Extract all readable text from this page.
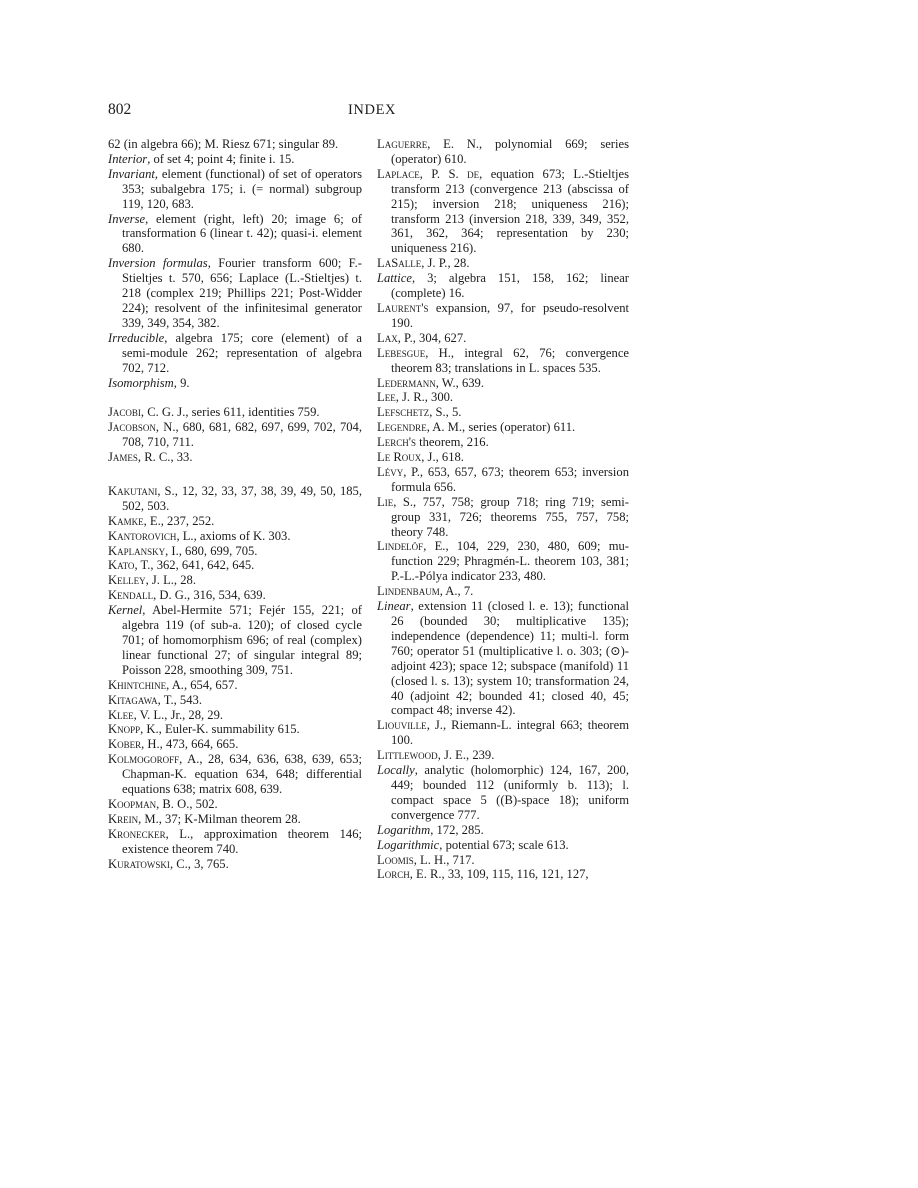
802	INDEX

62 (in algebra 66); M. Riesz 671; singular 89.

Interior, of set 4; point 4; finite i. 15.

Invariant, element (functional) of set of operators 353; subalgebra 175; i. (= normal) subgroup 119, 120, 683.

Inverse, element (right, left) 20; image 6; of transformation 6 (linear t. 42); quasi-i. element 680.

Inversion formulas, Fourier transform 600; F.-Stieltjes t. 570, 656; Laplace (L.-Stieltjes) t. 218 (complex 219; Phillips 221; Post-Widder 224); resolvent of the infinitesimal generator 339, 349, 354, 382.

Irreducible, algebra 175; core (element) of a semi-module 262; representation of algebra 702, 712.

Isomorphism, 9.

Jacobi, C. G. J., series 611, identities 759.

Jacobson, N., 680, 681, 682, 697, 699, 702, 704, 708, 710, 711.

James, R. C., 33.

Kakutani, S., 12, 32, 33, 37, 38, 39, 49, 50, 185, 502, 503.

Kamke, E., 237, 252.

Kantorovich, L., axioms of K. 303.

Kaplansky, I., 680, 699, 705.

Kato, T., 362, 641, 642, 645.

Kelley, J. L., 28.

Kendall, D. G., 316, 534, 639.

Kernel, Abel-Hermite 571; Fejér 155, 221; of algebra 119 (of sub-a. 120); of closed cycle 701; of homomorphism 696; of real (complex) linear functional 27; of singular integral 89; Poisson 228, smoothing 309, 751.

Khintchine, A., 654, 657.

Kitagawa, T., 543.

Klee, V. L., Jr., 28, 29.

Knopp, K., Euler-K. summability 615.

Kober, H., 473, 664, 665.

Kolmogoroff, A., 28, 634, 636, 638, 639, 653; Chapman-K. equation 634, 648; differential equations 638; matrix 608, 639.

Koopman, B. O., 502.

Krein, M., 37; K-Milman theorem 28.

Kronecker, L., approximation theorem 146; existence theorem 740.

Kuratowski, C., 3, 765.

Laguerre, E. N., polynomial 669; series (operator) 610.

Laplace, P. S. de, equation 673; L.-Stieltjes transform 213 (convergence 213 (abscissa of 215); inversion 218; uniqueness 216); transform 213 (inversion 218, 339, 349, 352, 361, 362, 364; representation by 230; uniqueness 216).

LaSalle, J. P., 28.

Lattice, 3; algebra 151, 158, 162; linear (complete) 16.

Laurent's expansion, 97, for pseudo-resolvent 190.

Lax, P., 304, 627.

Lebesgue, H., integral 62, 76; convergence theorem 83; translations in L. spaces 535.

Ledermann, W., 639.

Lee, J. R., 300.

Lefschetz, S., 5.

Legendre, A. M., series (operator) 611.

Lerch's theorem, 216.

Le Roux, J., 618.

Lévy, P., 653, 657, 673; theorem 653; inversion formula 656.

Lie, S., 757, 758; group 718; ring 719; semi-group 331, 726; theorems 755, 757, 758; theory 748.

Lindelöf, E., 104, 229, 230, 480, 609; mu-function 229; Phragmén-L. theorem 103, 381; P.-L.-Pólya indicator 233, 480.

Lindenbaum, A., 7.

Linear, extension 11 (closed l. e. 13); functional 26 (bounded 30; multiplicative 135); independence (dependence) 11; multi-l. form 760; operator 51 (multiplicative l. o. 303; (⊙)-adjoint 423); space 12; subspace (manifold) 11 (closed l. s. 13); system 10; transformation 24, 40 (adjoint 42; bounded 41; closed 40, 45; compact 48; inverse 42).

Liouville, J., Riemann-L. integral 663; theorem 100.

Littlewood, J. E., 239.

Locally, analytic (holomorphic) 124, 167, 200, 449; bounded 112 (uniformly b. 113); l. compact space 5 ((B)-space 18); uniform convergence 777.

Logarithm, 172, 285.

Logarithmic, potential 673; scale 613.

Loomis, L. H., 717.

Lorch, E. R., 33, 109, 115, 116, 121, 127,
